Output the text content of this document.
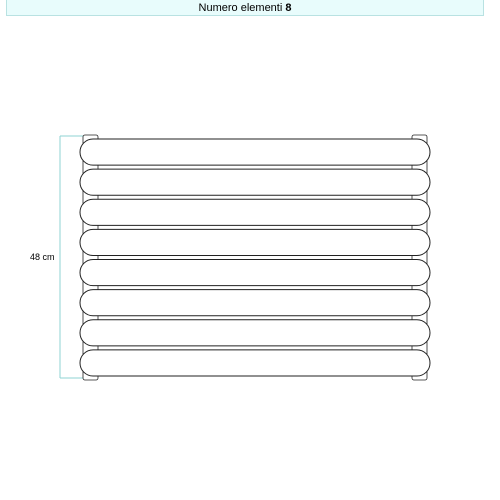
Numero elementi 8
48 cm
